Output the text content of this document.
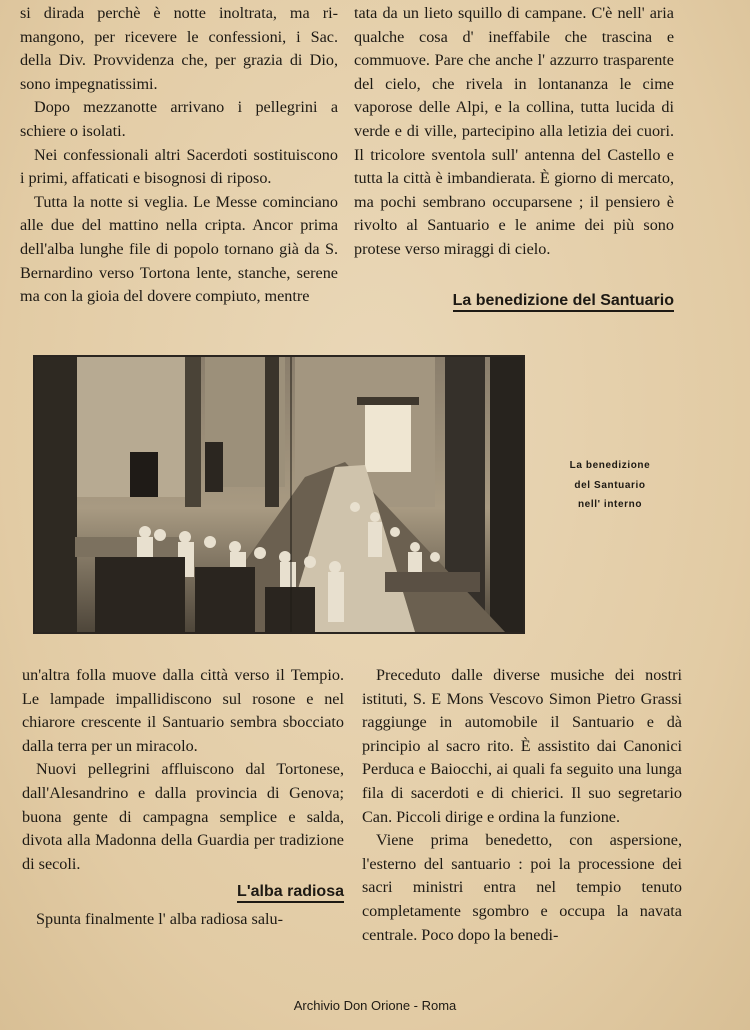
si dirada perchè è notte inoltrata, ma ri-mangono, per ricevere le confessioni, i Sac. della Div. Provvidenza che, per grazia di Dio, sono impegnatissimi.

Dopo mezzanotte arrivano i pellegrini a schiere o isolati.

Nei confessionali altri Sacerdoti sostituiscono i primi, affaticati e bisognosi di riposo.

Tutta la notte si veglia. Le Messe cominciano alle due del mattino nella cripta. Ancor prima dell'alba lunghe file di popolo tornano già da S. Bernardino verso Tortona lente, stanche, serene ma con la gioia del dovere compiuto, mentre

tata da un lieto squillo di campane. C'è nell' aria qualche cosa d' ineffabile che trascina e commuove. Pare che anche l' azzurro trasparente del cielo, che rivela in lontananza le cime vaporose delle Alpi, e la collina, tutta lucida di verde e di ville, partecipino alla letizia dei cuori. Il tricolore sventola sull' antenna del Castello e tutta la città è imbandierata. È giorno di mercato, ma pochi sembrano occuparsene ; il pensiero è rivolto al Santuario e le anime dei più sono protese verso miraggi di cielo.

La benedizione del Santuario
La benedizione
del Santuario
nell' interno

un'altra folla muove dalla città verso il Tempio. Le lampade impallidiscono sul rosone e nel chiarore crescente il Santuario sembra sbocciato dalla terra per un miracolo.

Nuovi pellegrini affluiscono dal Tortonese, dall'Alesandrino e dalla provincia di Genova; buona gente di campagna semplice e salda, divota alla Madonna della Guardia per tradizione di secoli.

L'alba radiosa

Spunta finalmente l' alba radiosa salu-

Preceduto dalle diverse musiche dei nostri istituti, S. E Mons Vescovo Simon Pietro Grassi raggiunge in automobile il Santuario e dà principio al sacro rito. È assistito dai Canonici Perduca e Baiocchi, ai quali fa seguito una lunga fila di sacerdoti e di chierici. Il suo segretario Can. Piccoli dirige e ordina la funzione.

Viene prima benedetto, con aspersione, l'esterno del santuario : poi la processione dei sacri ministri entra nel tempio tenuto completamente sgombro e occupa la navata centrale. Poco dopo la benedi-

Archivio Don Orione - Roma
